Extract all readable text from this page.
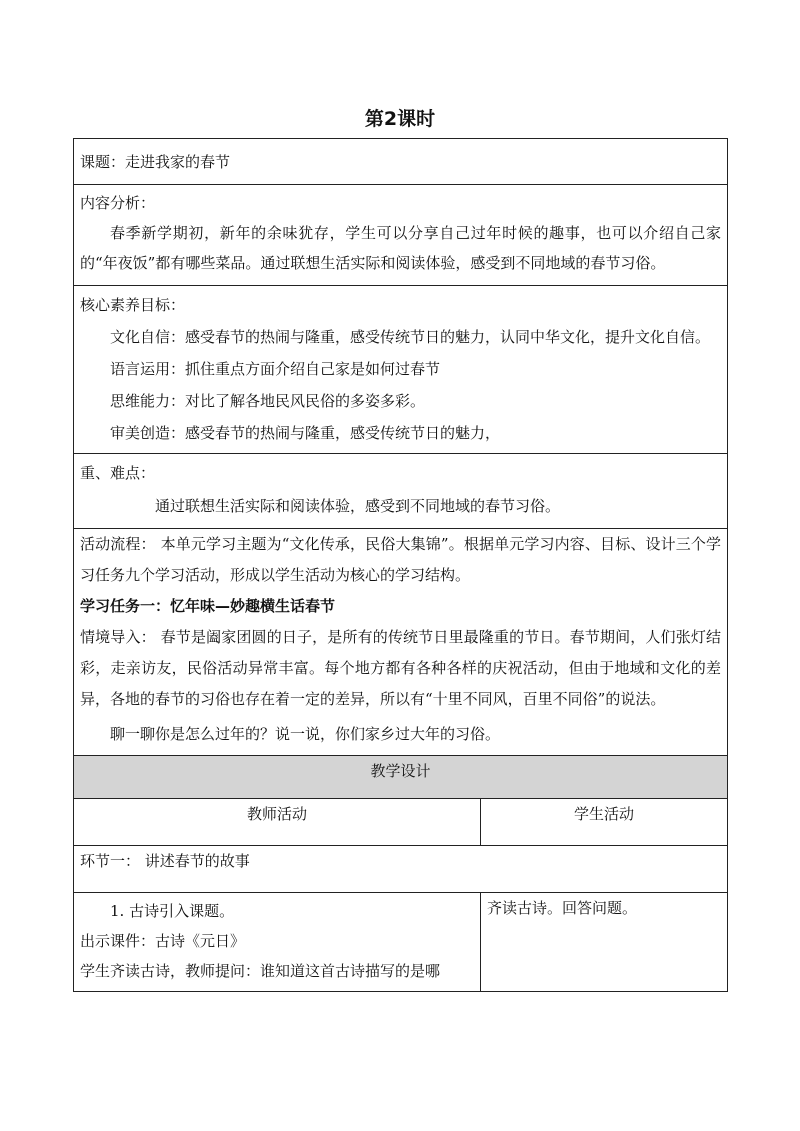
第2课时

课题：走进我家的春节	

内容分析：

春季新学期初，新年的余味犹存，学生可以分享自己过年时候的趣事，也可以介绍自己家的“年夜饭”都有哪些菜品。通过联想生活实际和阅读体验，感受到不同地域的春节习俗。	

核心素养目标：

文化自信：感受春节的热闹与隆重，感受传统节日的魅力，认同中华文化，提升文化自信。

语言运用：抓住重点方面介绍自己家是如何过春节

思维能力：对比了解各地民风民俗的多姿多彩。

审美创造：感受春节的热闹与隆重，感受传统节日的魅力，	

重、难点：

通过联想生活实际和阅读体验，感受到不同地域的春节习俗。	

活动流程： 本单元学习主题为“文化传承，民俗大集锦”。根据单元学习内容、目标、设计三个学习任务九个学习活动，形成以学生活动为核心的学习结构。

学习任务一：忆年味—妙趣横生话春节

情境导入： 春节是阖家团圆的日子，是所有的传统节日里最隆重的节日。春节期间，人们张灯结彩，走亲访友，民俗活动异常丰富。每个地方都有各种各样的庆祝活动，但由于地域和文化的差异，各地的春节的习俗也存在着一定的差异，所以有“十里不同风，百里不同俗”的说法。

聊一聊你是怎么过年的？说一说，你们家乡过大年的习俗。	

教学设计	
教师活动	学生活动
环节一： 讲述春节的故事	

1. 古诗引入课题。

出示课件：古诗《元日》

学生齐读古诗，教师提问：谁知道这首古诗描写的是哪	齐读古诗。回答问题。
